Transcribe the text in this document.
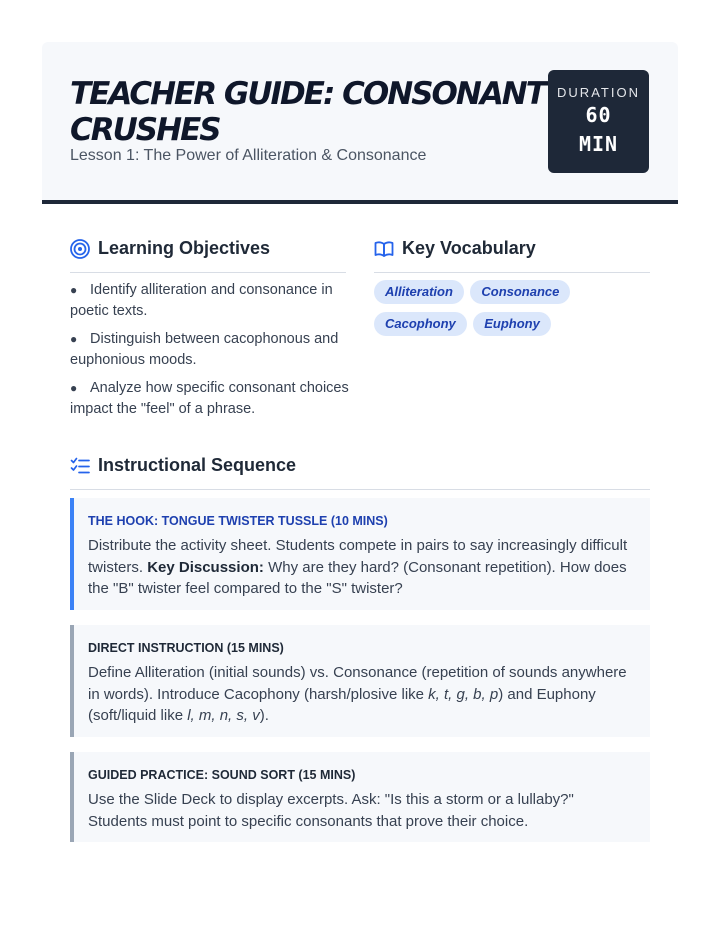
TEACHER GUIDE: CONSONANT CRUSHES
Lesson 1: The Power of Alliteration & Consonance
DURATION
60
MIN
Learning Objectives
● Identify alliteration and consonance in poetic texts.
● Distinguish between cacophonous and euphonious moods.
● Analyze how specific consonant choices impact the "feel" of a phrase.
Key Vocabulary
Alliteration Consonance
Cacophony Euphony
Instructional Sequence
THE HOOK: TONGUE TWISTER TUSSLE (10 MINS)
Distribute the activity sheet. Students compete in pairs to say increasingly difficult twisters. Key Discussion: Why are they hard? (Consonant repetition). How does the "B" twister feel compared to the "S" twister?
DIRECT INSTRUCTION (15 MINS)
Define Alliteration (initial sounds) vs. Consonance (repetition of sounds anywhere in words). Introduce Cacophony (harsh/plosive like k, t, g, b, p) and Euphony (soft/liquid like l, m, n, s, v).
GUIDED PRACTICE: SOUND SORT (15 MINS)
Use the Slide Deck to display excerpts. Ask: "Is this a storm or a lullaby?" Students must point to specific consonants that prove their choice.
